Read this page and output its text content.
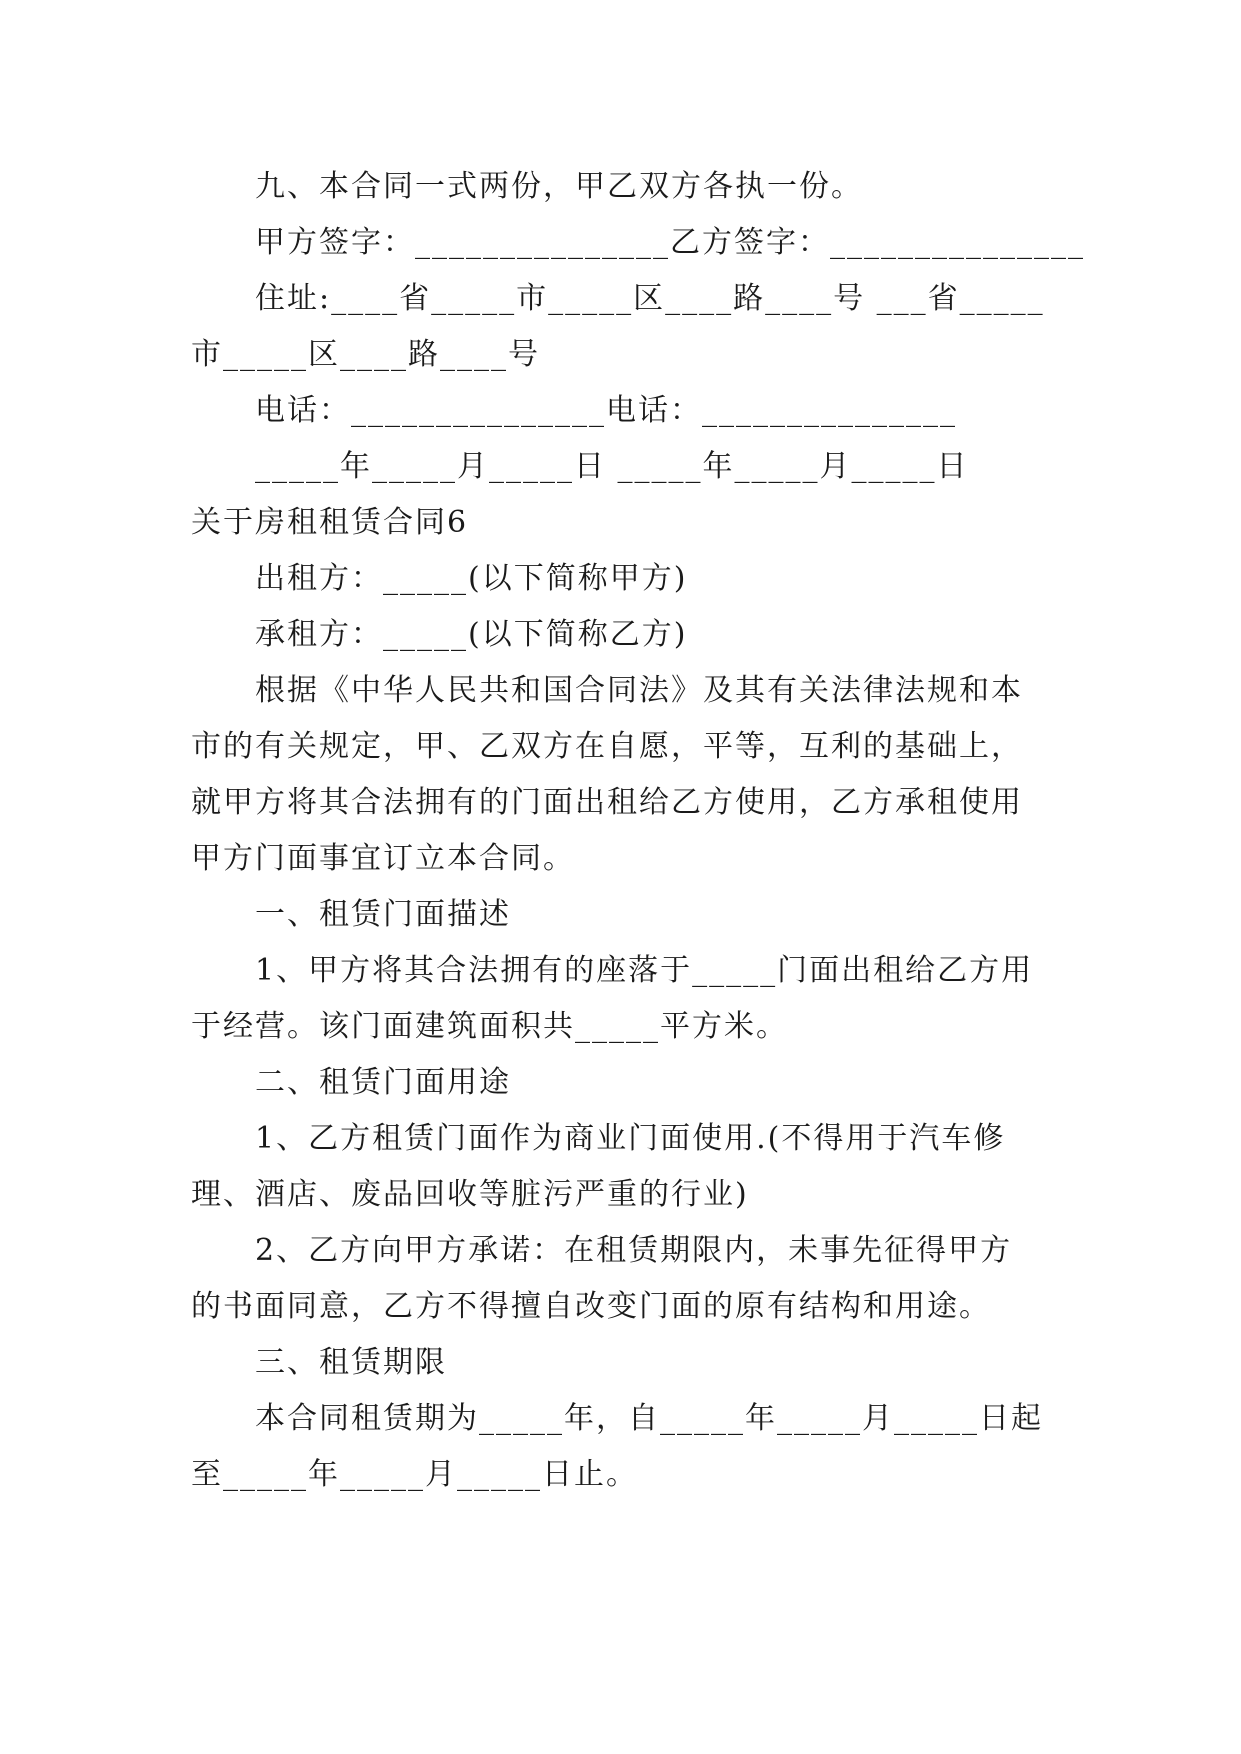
九、本合同一式两份，甲乙双方各执一份。
甲方签字：_______________乙方签字：_______________
住址:____省_____市_____区____路____号 ___省_____
市_____区____路____号
电话：_______________电话：_______________
_____年_____月_____日 _____年_____月_____日
关于房租租赁合同6
出租方：_____(以下简称甲方)
承租方：_____(以下简称乙方)
根据《中华人民共和国合同法》及其有关法律法规和本
市的有关规定，甲、乙双方在自愿，平等，互利的基础上，
就甲方将其合法拥有的门面出租给乙方使用，乙方承租使用
甲方门面事宜订立本合同。
一、租赁门面描述
1、甲方将其合法拥有的座落于_____门面出租给乙方用
于经营。该门面建筑面积共_____平方米。
二、租赁门面用途
1、乙方租赁门面作为商业门面使用.(不得用于汽车修
理、酒店、废品回收等脏污严重的行业)
2、乙方向甲方承诺：在租赁期限内，未事先征得甲方
的书面同意，乙方不得擅自改变门面的原有结构和用途。
三、租赁期限
本合同租赁期为_____年，自_____年_____月_____日起
至_____年_____月_____日止。
